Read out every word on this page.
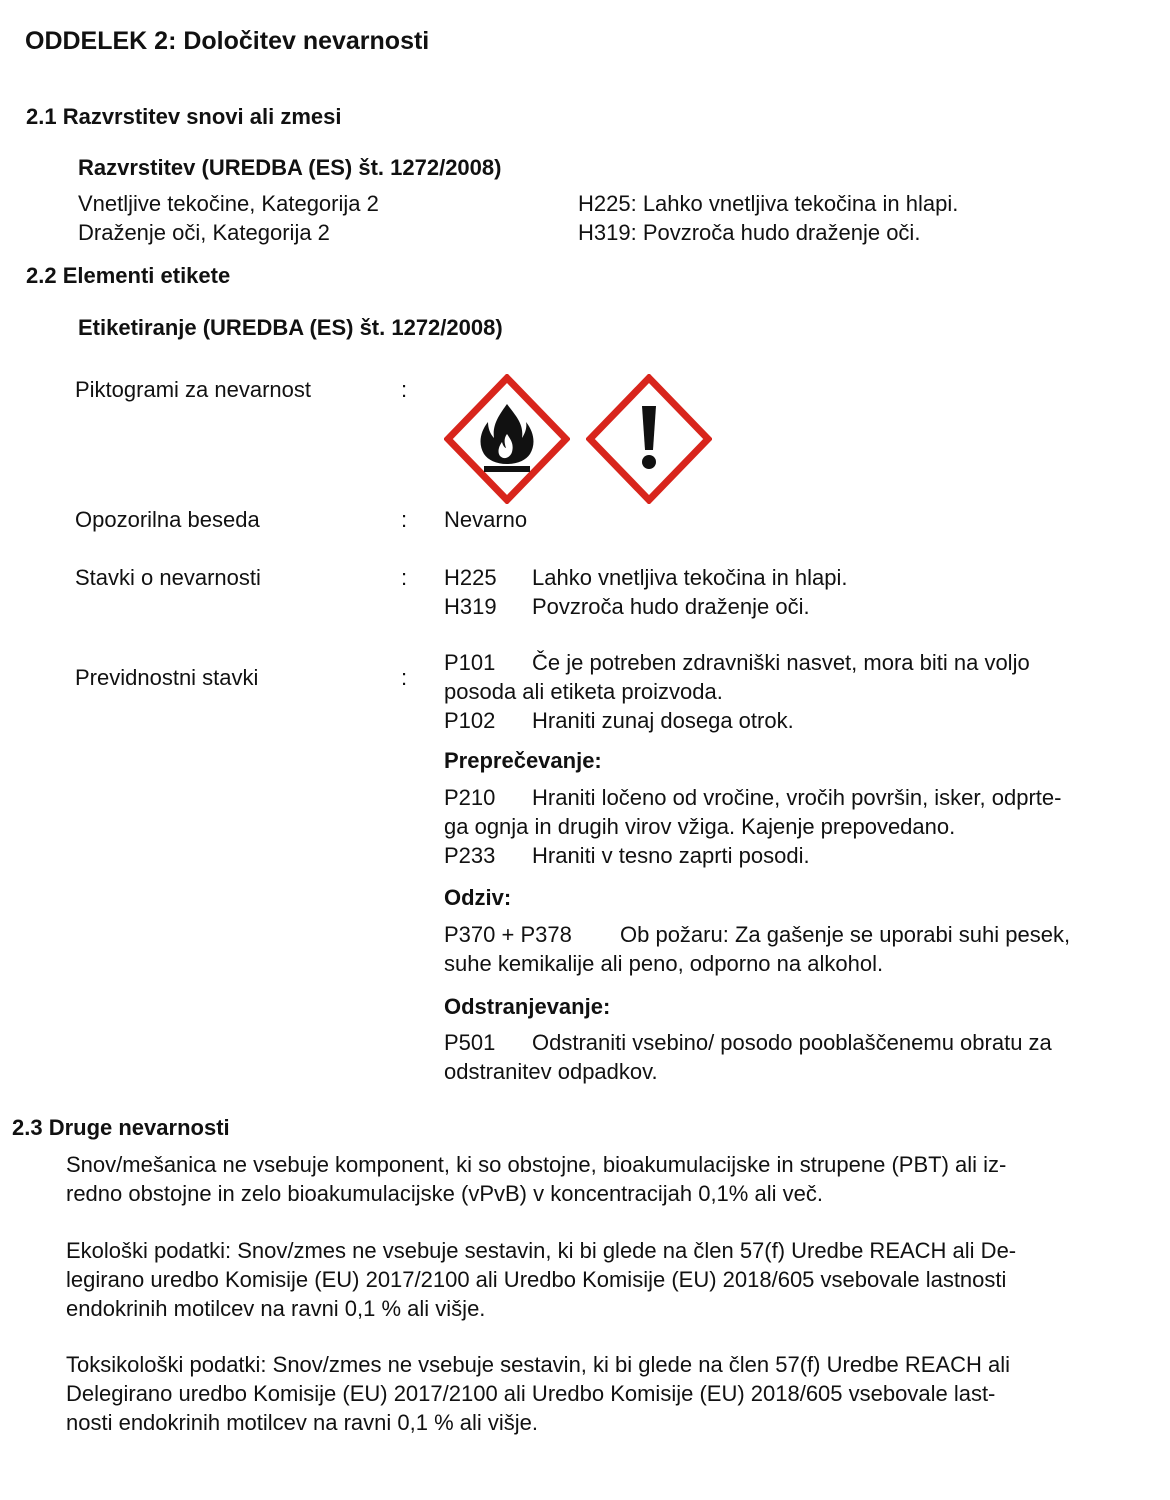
ODDELEK 2: Določitev nevarnosti
2.1 Razvrstitev snovi ali zmesi
Razvrstitev (UREDBA (ES) št. 1272/2008)
Vnetljive tekočine, Kategorija 2	H225: Lahko vnetljiva tekočina in hlapi.
Draženje oči, Kategorija 2	H319: Povzroča hudo draženje oči.
2.2 Elementi etikete
Etiketiranje (UREDBA (ES) št. 1272/2008)
Piktogrami za nevarnost	:
Opozorilna beseda	: Nevarno
Stavki o nevarnosti	: H225 Lahko vnetljiva tekočina in hlapi.
H319 Povzroča hudo draženje oči.
Previdnostni stavki	:
P101 Če je potreben zdravniški nasvet, mora biti na voljo
posoda ali etiketa proizvoda.
P102 Hraniti zunaj dosega otrok.
Preprečevanje:
P210 Hraniti ločeno od vročine, vročih površin, isker, odprte-
ga ognja in drugih virov vžiga. Kajenje prepovedano.
P233 Hraniti v tesno zaprti posodi.
Odziv:
P370 + P378 Ob požaru: Za gašenje se uporabi suhi pesek,
suhe kemikalije ali peno, odporno na alkohol.
Odstranjevanje:
P501 Odstraniti vsebino/ posodo pooblaščenemu obratu za
odstranitev odpadkov.
2.3 Druge nevarnosti
Snov/mešanica ne vsebuje komponent, ki so obstojne, bioakumulacijske in strupene (PBT) ali iz-
redno obstojne in zelo bioakumulacijske (vPvB) v koncentracijah 0,1% ali več.
Ekološki podatki: Snov/zmes ne vsebuje sestavin, ki bi glede na člen 57(f) Uredbe REACH ali De-
legirano uredbo Komisije (EU) 2017/2100 ali Uredbo Komisije (EU) 2018/605 vsebovale lastnosti
endokrinih motilcev na ravni 0,1 % ali višje.
Toksikološki podatki: Snov/zmes ne vsebuje sestavin, ki bi glede na člen 57(f) Uredbe REACH ali
Delegirano uredbo Komisije (EU) 2017/2100 ali Uredbo Komisije (EU) 2018/605 vsebovale last-
nosti endokrinih motilcev na ravni 0,1 % ali višje.
